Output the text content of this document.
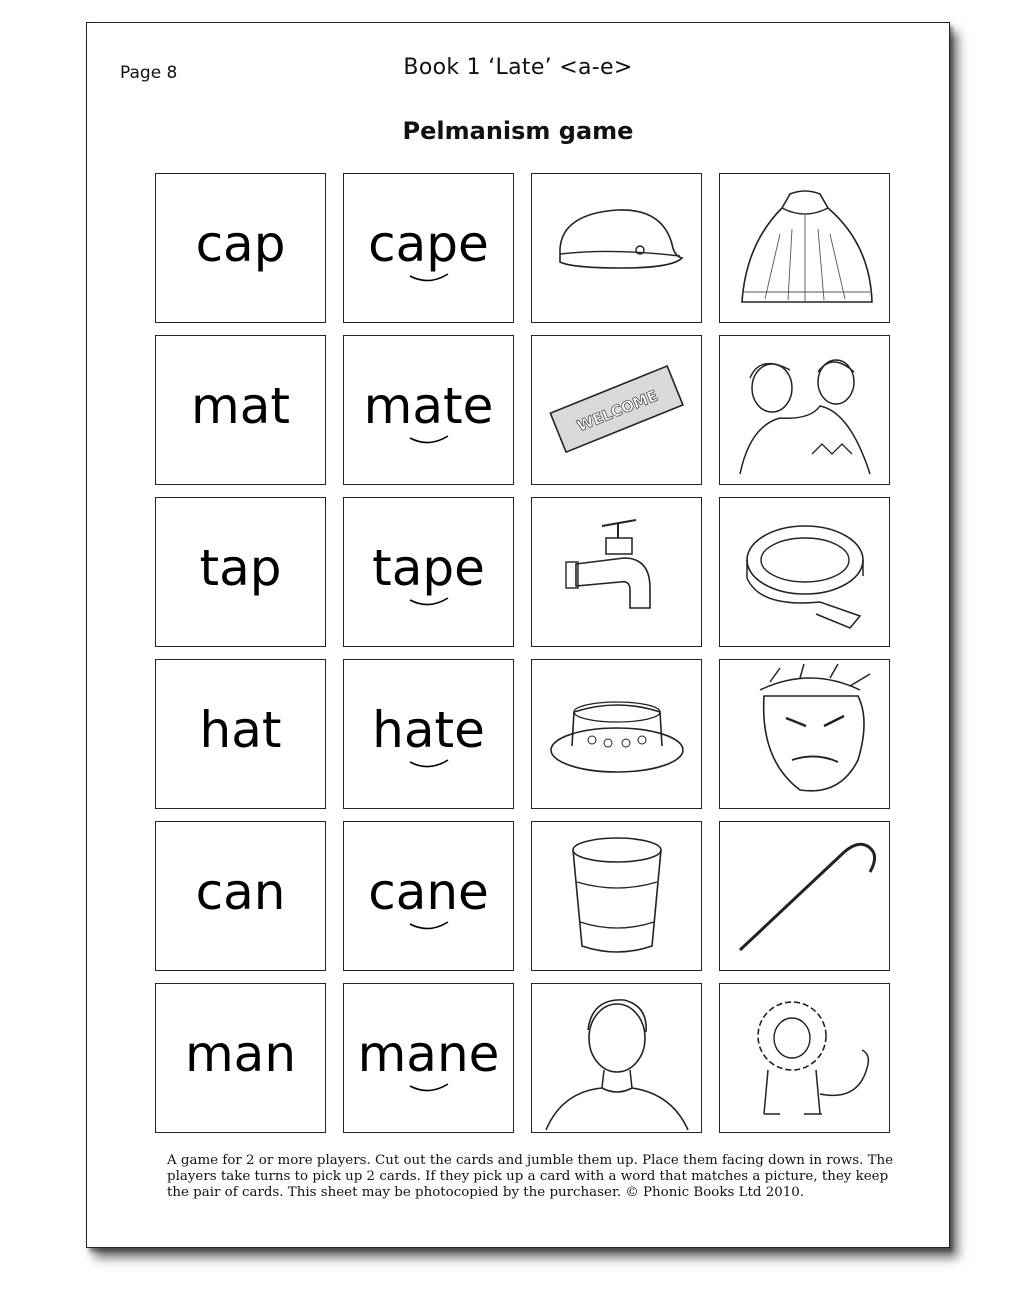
Page 8	Book 1 ‘Late’ <a-e>
Pelmanism game
cap	cape
mat	mate	WELCOME
tap	tape
hat	hate
can	cane
man	mane
A game for 2 or more players. Cut out the cards and jumble them up. Place them facing down in rows. The players take turns to pick up 2 cards. If they pick up a card with a word that matches a picture, they keep the pair of cards. This sheet may be photocopied by the purchaser. © Phonic Books Ltd 2010.
